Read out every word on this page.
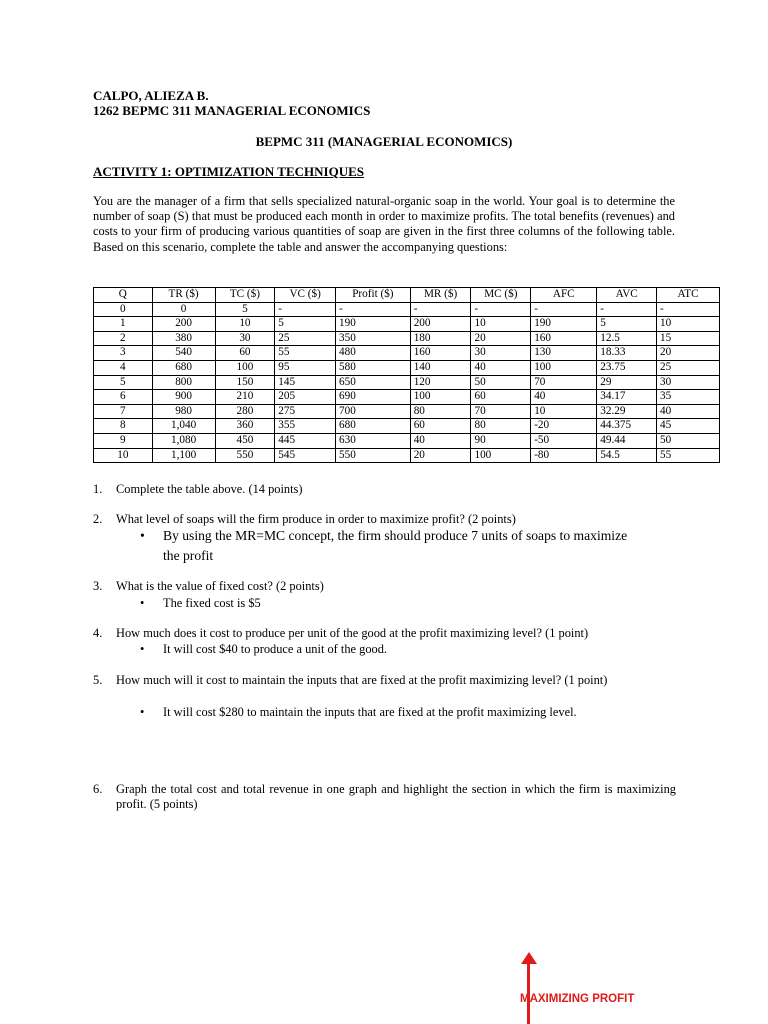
CALPO, ALIEZA B.
1262 BEPMC 311 MANAGERIAL ECONOMICS
BEPMC 311 (MANAGERIAL ECONOMICS)
ACTIVITY 1: OPTIMIZATION TECHNIQUES
You are the manager of a firm that sells specialized natural-organic soap in the world. Your goal is to determine the number of soap (S) that must be produced each month in order to maximize profits. The total benefits (revenues) and costs to your firm of producing various quantities of soap are given in the first three columns of the following table. Based on this scenario, complete the table and answer the accompanying questions:
Q	TR ($)	TC ($)	VC ($)	Profit ($)	MR ($)	MC ($)	AFC	AVC	ATC
0	0	5	-	-	-	-	-	-	-
1	200	10	5	190	200	10	190	5	10
2	380	30	25	350	180	20	160	12.5	15
3	540	60	55	480	160	30	130	18.33	20
4	680	100	95	580	140	40	100	23.75	25
5	800	150	145	650	120	50	70	29	30
6	900	210	205	690	100	60	40	34.17	35
7	980	280	275	700	80	70	10	32.29	40
8	1,040	360	355	680	60	80	-20	44.375	45
9	1,080	450	445	630	40	90	-50	49.44	50
10	1,100	550	545	550	20	100	-80	54.5	55
1. Complete the table above. (14 points)
2. What level of soaps will the firm produce in order to maximize profit? (2 points)
• By using the MR=MC concept, the firm should produce 7 units of soaps to maximize the profit
3. What is the value of fixed cost? (2 points)
• The fixed cost is $5
4. How much does it cost to produce per unit of the good at the profit maximizing level? (1 point)
• It will cost $40 to produce a unit of the good.
5. How much will it cost to maintain the inputs that are fixed at the profit maximizing level? (1 point)
• It will cost $280 to maintain the inputs that are fixed at the profit maximizing level.
6. Graph the total cost and total revenue in one graph and highlight the section in which the firm is maximizing profit. (5 points)
MAXIMIZING PROFIT
